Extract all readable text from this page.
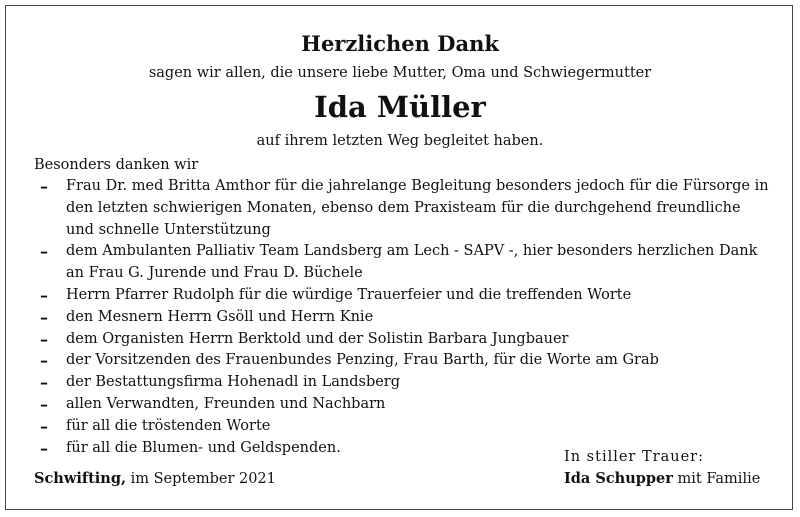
Herzlichen Dank
sagen wir allen, die unsere liebe Mutter, Oma und Schwiegermutter
Ida Müller
auf ihrem letzten Weg begleitet haben.
Besonders danken wir
–	Frau Dr. med Britta Amthor für die jahrelange Begleitung besonders jedoch für die Fürsorge in den letzten schwierigen Monaten, ebenso dem Praxisteam für die durchgehend freundliche und schnelle Unterstützung
–	dem Ambulanten Palliativ Team Landsberg am Lech - SAPV -, hier besonders herzlichen Dank an Frau G. Jurende und Frau D. Büchele
–	Herrn Pfarrer Rudolph für die würdige Trauerfeier und die treffenden Worte
–	den Mesnern Herrn Gsöll und Herrn Knie
–	dem Organisten Herrn Berktold und der Solistin Barbara Jungbauer
–	der Vorsitzenden des Frauenbundes Penzing, Frau Barth, für die Worte am Grab
–	der Bestattungsfirma Hohenadl in Landsberg
–	allen Verwandten, Freunden und Nachbarn
–	für all die tröstenden Worte
–	für all die Blumen- und Geldspenden.
Schwifting, im September 2021
In stiller Trauer:
Ida Schupper mit Familie
